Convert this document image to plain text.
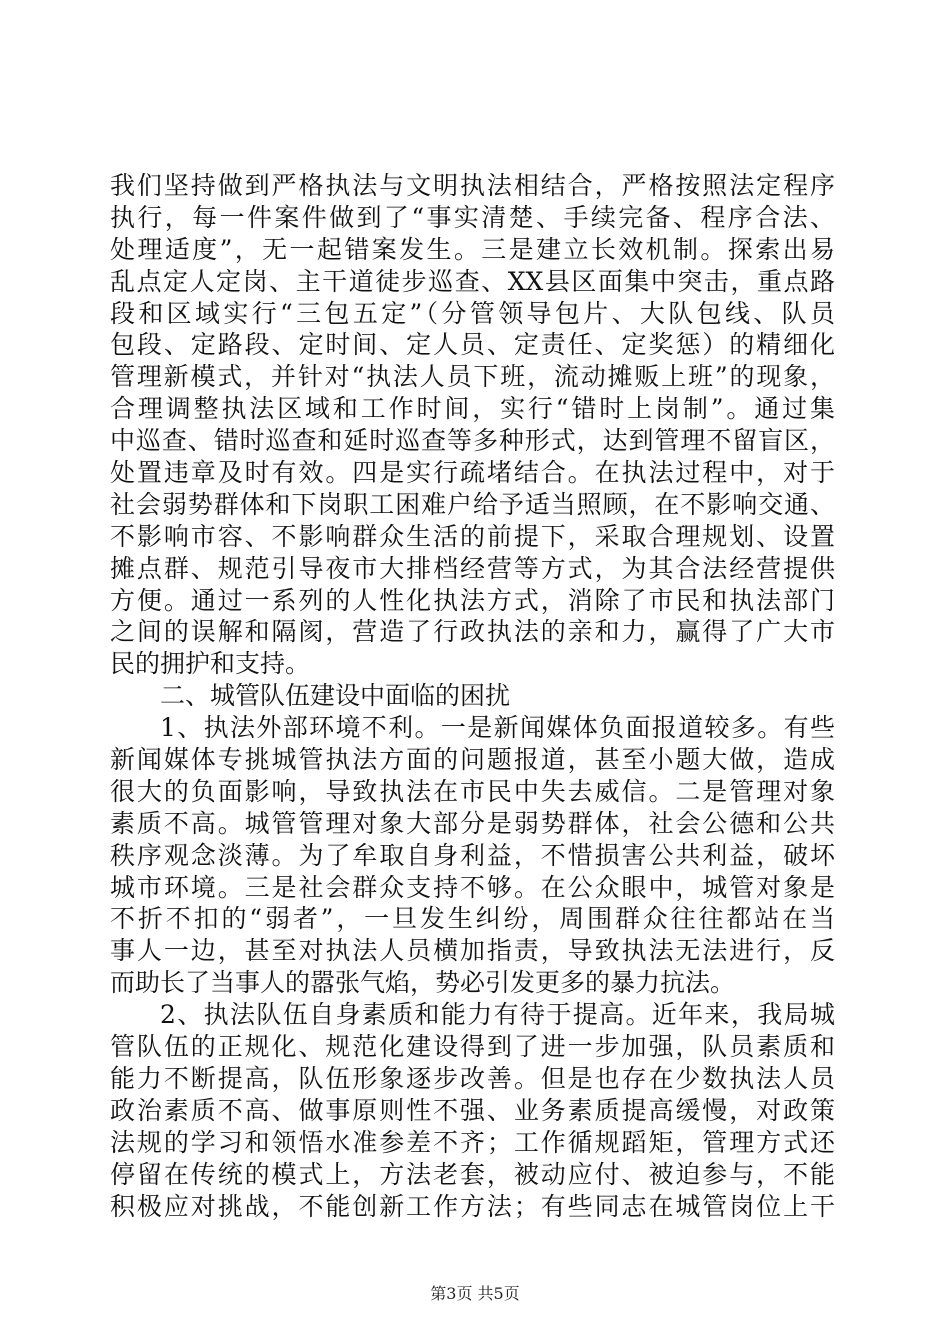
我们坚持做到严格执法与文明执法相结合，严格按照法定程序
执行，每一件案件做到了“事实清楚、手续完备、程序合法、
处理适度”，无一起错案发生。三是建立长效机制。探索出易
乱点定人定岗、主干道徒步巡查、XX县区面集中突击，重点路
段和区域实行“三包五定”（分管领导包片、大队包线、队员
包段、定路段、定时间、定人员、定责任、定奖惩）的精细化
管理新模式，并针对“执法人员下班，流动摊贩上班”的现象，
合理调整执法区域和工作时间，实行“错时上岗制”。通过集
中巡查、错时巡查和延时巡查等多种形式，达到管理不留盲区，
处置违章及时有效。四是实行疏堵结合。在执法过程中，对于
社会弱势群体和下岗职工困难户给予适当照顾，在不影响交通、
不影响市容、不影响群众生活的前提下，采取合理规划、设置
摊点群、规范引导夜市大排档经营等方式，为其合法经营提供
方便。通过一系列的人性化执法方式，消除了市民和执法部门
之间的误解和隔阂，营造了行政执法的亲和力，赢得了广大市
民的拥护和支持。
二、城管队伍建设中面临的困扰
1、执法外部环境不利。一是新闻媒体负面报道较多。有些
新闻媒体专挑城管执法方面的问题报道，甚至小题大做，造成
很大的负面影响，导致执法在市民中失去威信。二是管理对象
素质不高。城管管理对象大部分是弱势群体，社会公德和公共
秩序观念淡薄。为了牟取自身利益，不惜损害公共利益，破坏
城市环境。三是社会群众支持不够。在公众眼中，城管对象是
不折不扣的“弱者”，一旦发生纠纷，周围群众往往都站在当
事人一边，甚至对执法人员横加指责，导致执法无法进行，反
而助长了当事人的嚣张气焰，势必引发更多的暴力抗法。
2、执法队伍自身素质和能力有待于提高。近年来，我局城
管队伍的正规化、规范化建设得到了进一步加强，队员素质和
能力不断提高，队伍形象逐步改善。但是也存在少数执法人员
政治素质不高、做事原则性不强、业务素质提高缓慢，对政策
法规的学习和领悟水准参差不齐；工作循规蹈矩，管理方式还
停留在传统的模式上，方法老套，被动应付、被迫参与，不能
积极应对挑战，不能创新工作方法；有些同志在城管岗位上干
第3页 共5页
